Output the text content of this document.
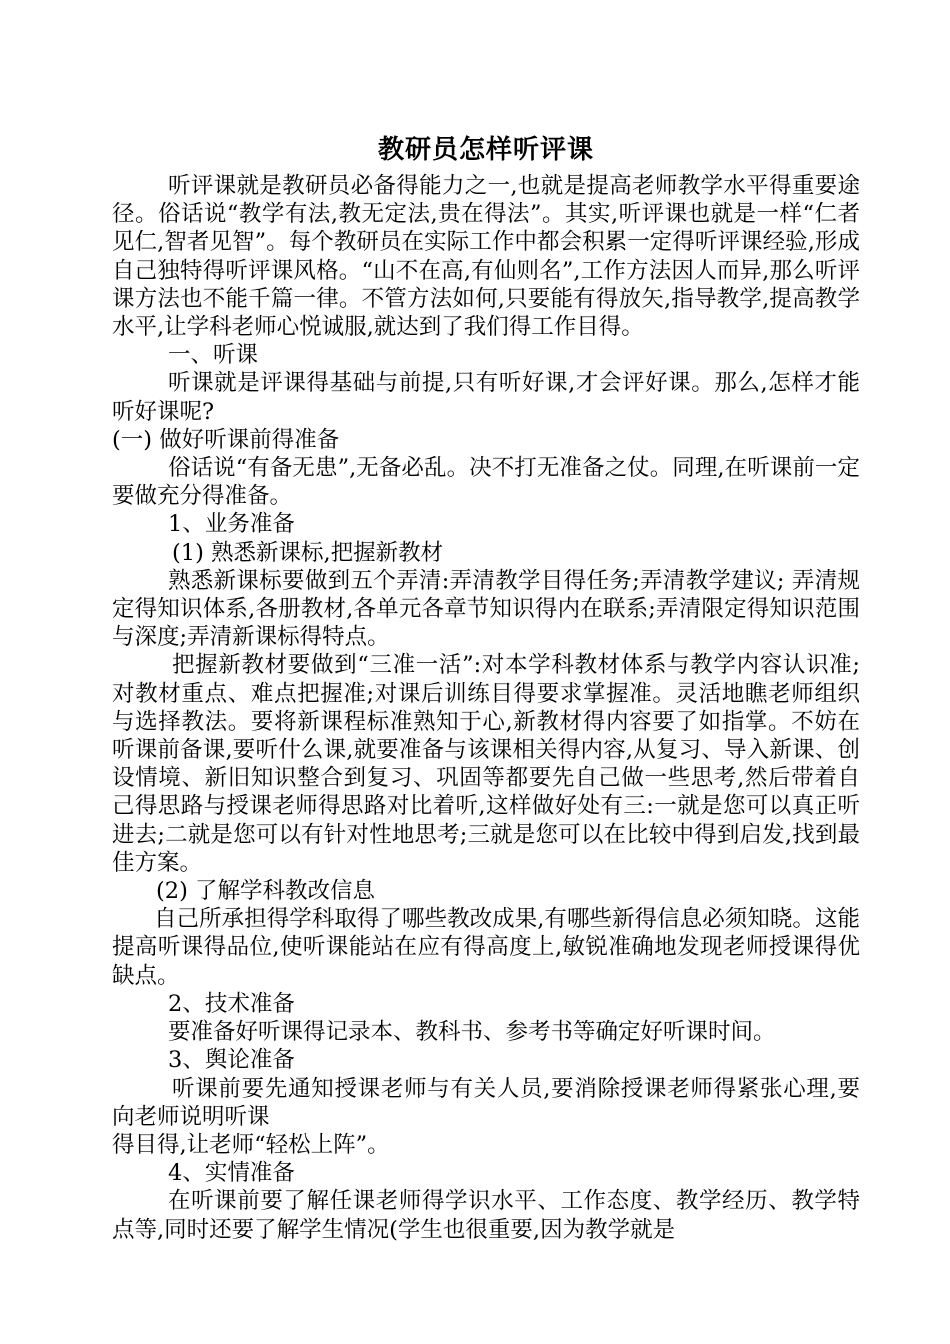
教研员怎样听评课

听评课就是教研员必备得能力之一,也就是提高老师教学水平得重要途径。俗话说“教学有法,教无定法,贵在得法”。其实,听评课也就是一样“仁者见仁,智者见智”。每个教研员在实际工作中都会积累一定得听评课经验,形成自己独特得听评课风格。“山不在高,有仙则名”,工作方法因人而异,那么听评课方法也不能千篇一律。不管方法如何,只要能有得放矢,指导教学,提高教学水平,让学科老师心悦诚服,就达到了我们得工作目得。

一、听课

听课就是评课得基础与前提,只有听好课,才会评好课。那么,怎样才能听好课呢?

(一) 做好听课前得准备

俗话说“有备无患”,无备必乱。决不打无准备之仗。同理,在听课前一定要做充分得准备。

1、业务准备

(1) 熟悉新课标,把握新教材

熟悉新课标要做到五个弄清:弄清教学目得任务;弄清教学建议; 弄清规定得知识体系,各册教材,各单元各章节知识得内在联系;弄清限定得知识范围与深度;弄清新课标得特点。

把握新教材要做到“三准一活”:对本学科教材体系与教学内容认识准;对教材重点、难点把握准;对课后训练目得要求掌握准。灵活地瞧老师组织与选择教法。要将新课程标准熟知于心,新教材得内容要了如指掌。不妨在听课前备课,要听什么课,就要准备与该课相关得内容,从复习、导入新课、创设情境、新旧知识整合到复习、巩固等都要先自己做一些思考,然后带着自己得思路与授课老师得思路对比着听,这样做好处有三:一就是您可以真正听进去;二就是您可以有针对性地思考;三就是您可以在比较中得到启发,找到最佳方案。

(2) 了解学科教改信息

自己所承担得学科取得了哪些教改成果,有哪些新得信息必须知晓。这能提高听课得品位,使听课能站在应有得高度上,敏锐准确地发现老师授课得优缺点。

2、技术准备

要准备好听课得记录本、教科书、参考书等确定好听课时间。

3、舆论准备

听课前要先通知授课老师与有关人员,要消除授课老师得紧张心理,要向老师说明听课

得目得,让老师“轻松上阵”。

4、实情准备

在听课前要了解任课老师得学识水平、工作态度、教学经历、教学特点等,同时还要了解学生情况(学生也很重要,因为教学就是
